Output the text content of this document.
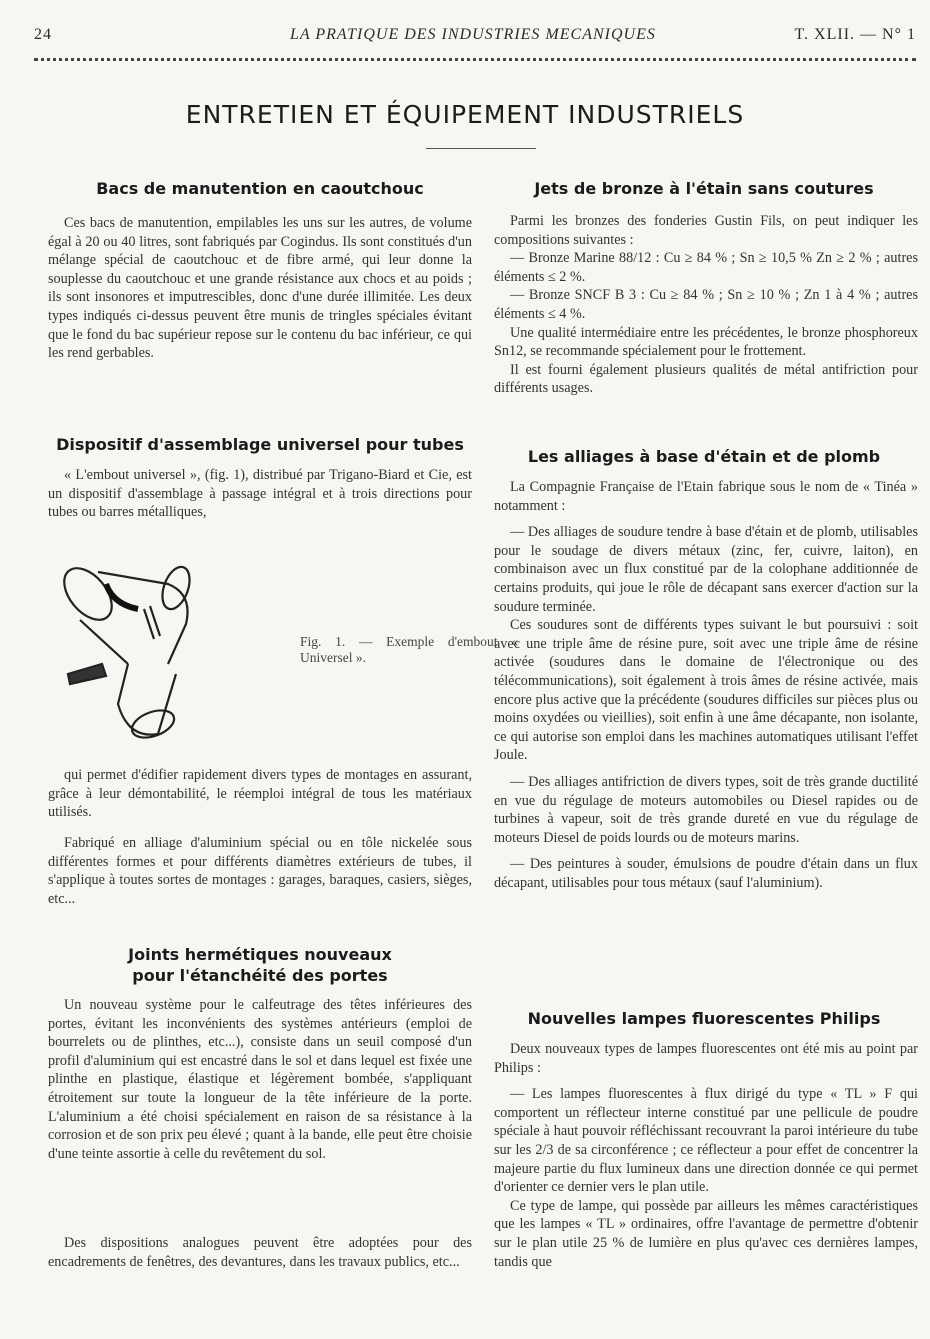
24	LA PRATIQUE DES INDUSTRIES MECANIQUES	T. XLII. — N° 1
ENTRETIEN ET ÉQUIPEMENT INDUSTRIELS
Bacs de manutention en caoutchouc

Ces bacs de manutention, empilables les uns sur les autres, de volume égal à 20 ou 40 litres, sont fabriqués par Cogindus. Ils sont constitués d'un mélange spécial de caoutchouc et de fibre armé, qui leur donne la souplesse du caoutchouc et une grande résistance aux chocs et au poids ; ils sont insonores et imputrescibles, donc d'une durée illimitée. Les deux types indiqués ci-dessus peuvent être munis de tringles spéciales évitant que le fond du bac supérieur repose sur le contenu du bac inférieur, ce qui les rend gerbables.

Dispositif d'assemblage universel pour tubes

« L'embout universel », (fig. 1), distribué par Trigano-Biard et Cie, est un dispositif d'assemblage à passage intégral et à trois directions pour tubes ou barres métalliques,

Fig. 1. — Exemple d'embout « Universel ».

qui permet d'édifier rapidement divers types de montages en assurant, grâce à leur démontabilité, le réemploi intégral de tous les matériaux utilisés.

Fabriqué en alliage d'aluminium spécial ou en tôle nickelée sous différentes formes et pour différents diamètres extérieurs de tubes, il s'applique à toutes sortes de montages : garages, baraques, casiers, sièges, etc...

Joints hermétiques nouveaux
pour l'étanchéité des portes

Un nouveau système pour le calfeutrage des têtes inférieures des portes, évitant les inconvénients des systèmes antérieurs (emploi de bourrelets ou de plinthes, etc...), consiste dans un seuil composé d'un profil d'aluminium qui est encastré dans le sol et dans lequel est fixée une plinthe en plastique, élastique et légèrement bombée, s'appliquant étroitement sur toute la longueur de la tête inférieure de la porte. L'aluminium a été choisi spécialement en raison de sa résistance à la corrosion et de son prix peu élevé ; quant à la bande, elle peut être choisie d'une teinte assortie à celle du revêtement du sol.

Des dispositions analogues peuvent être adoptées pour des encadrements de fenêtres, des devantures, dans les travaux publics, etc...

Jets de bronze à l'étain sans coutures

Parmi les bronzes des fonderies Gustin Fils, on peut indiquer les compositions suivantes :

— Bronze Marine 88/12 : Cu ≥ 84 % ; Sn ≥ 10,5 % Zn ≥ 2 % ; autres éléments ≤ 2 %.

— Bronze SNCF B 3 : Cu ≥ 84 % ; Sn ≥ 10 % ; Zn 1 à 4 % ; autres éléments ≤ 4 %.

Une qualité intermédiaire entre les précédentes, le bronze phosphoreux Sn12, se recommande spécialement pour le frottement.

Il est fourni également plusieurs qualités de métal antifriction pour différents usages.

Les alliages à base d'étain et de plomb

La Compagnie Française de l'Etain fabrique sous le nom de « Tinéa » notamment :

— Des alliages de soudure tendre à base d'étain et de plomb, utilisables pour le soudage de divers métaux (zinc, fer, cuivre, laiton), en combinaison avec un flux constitué par de la colophane additionnée de certains produits, qui joue le rôle de décapant sans exercer d'action sur la soudure terminée.

Ces soudures sont de différents types suivant le but poursuivi : soit avec une triple âme de résine pure, soit avec une triple âme de résine activée (soudures dans le domaine de l'électronique ou des télécommunications), soit également à trois âmes de résine activée, mais encore plus active que la précédente (soudures difficiles sur pièces plus ou moins oxydées ou vieillies), soit enfin à une âme décapante, non isolante, ce qui autorise son emploi dans les machines automatiques utilisant l'effet Joule.

— Des alliages antifriction de divers types, soit de très grande ductilité en vue du régulage de moteurs automobiles ou Diesel rapides ou de turbines à vapeur, soit de très grande dureté en vue du régulage de moteurs Diesel de poids lourds ou de moteurs marins.

— Des peintures à souder, émulsions de poudre d'étain dans un flux décapant, utilisables pour tous métaux (sauf l'aluminium).

Nouvelles lampes fluorescentes Philips

Deux nouveaux types de lampes fluorescentes ont été mis au point par Philips :

— Les lampes fluorescentes à flux dirigé du type « TL » F qui comportent un réflecteur interne constitué par une pellicule de poudre spéciale à haut pouvoir réfléchissant recouvrant la paroi intérieure du tube sur les 2/3 de sa circonférence ; ce réflecteur a pour effet de concentrer la majeure partie du flux lumineux dans une direction donnée ce qui permet d'orienter ce dernier vers le plan utile.

Ce type de lampe, qui possède par ailleurs les mêmes caractéristiques que les lampes « TL » ordinaires, offre l'avantage de permettre d'obtenir sur le plan utile 25 % de lumière en plus qu'avec ces dernières lampes, tandis que
